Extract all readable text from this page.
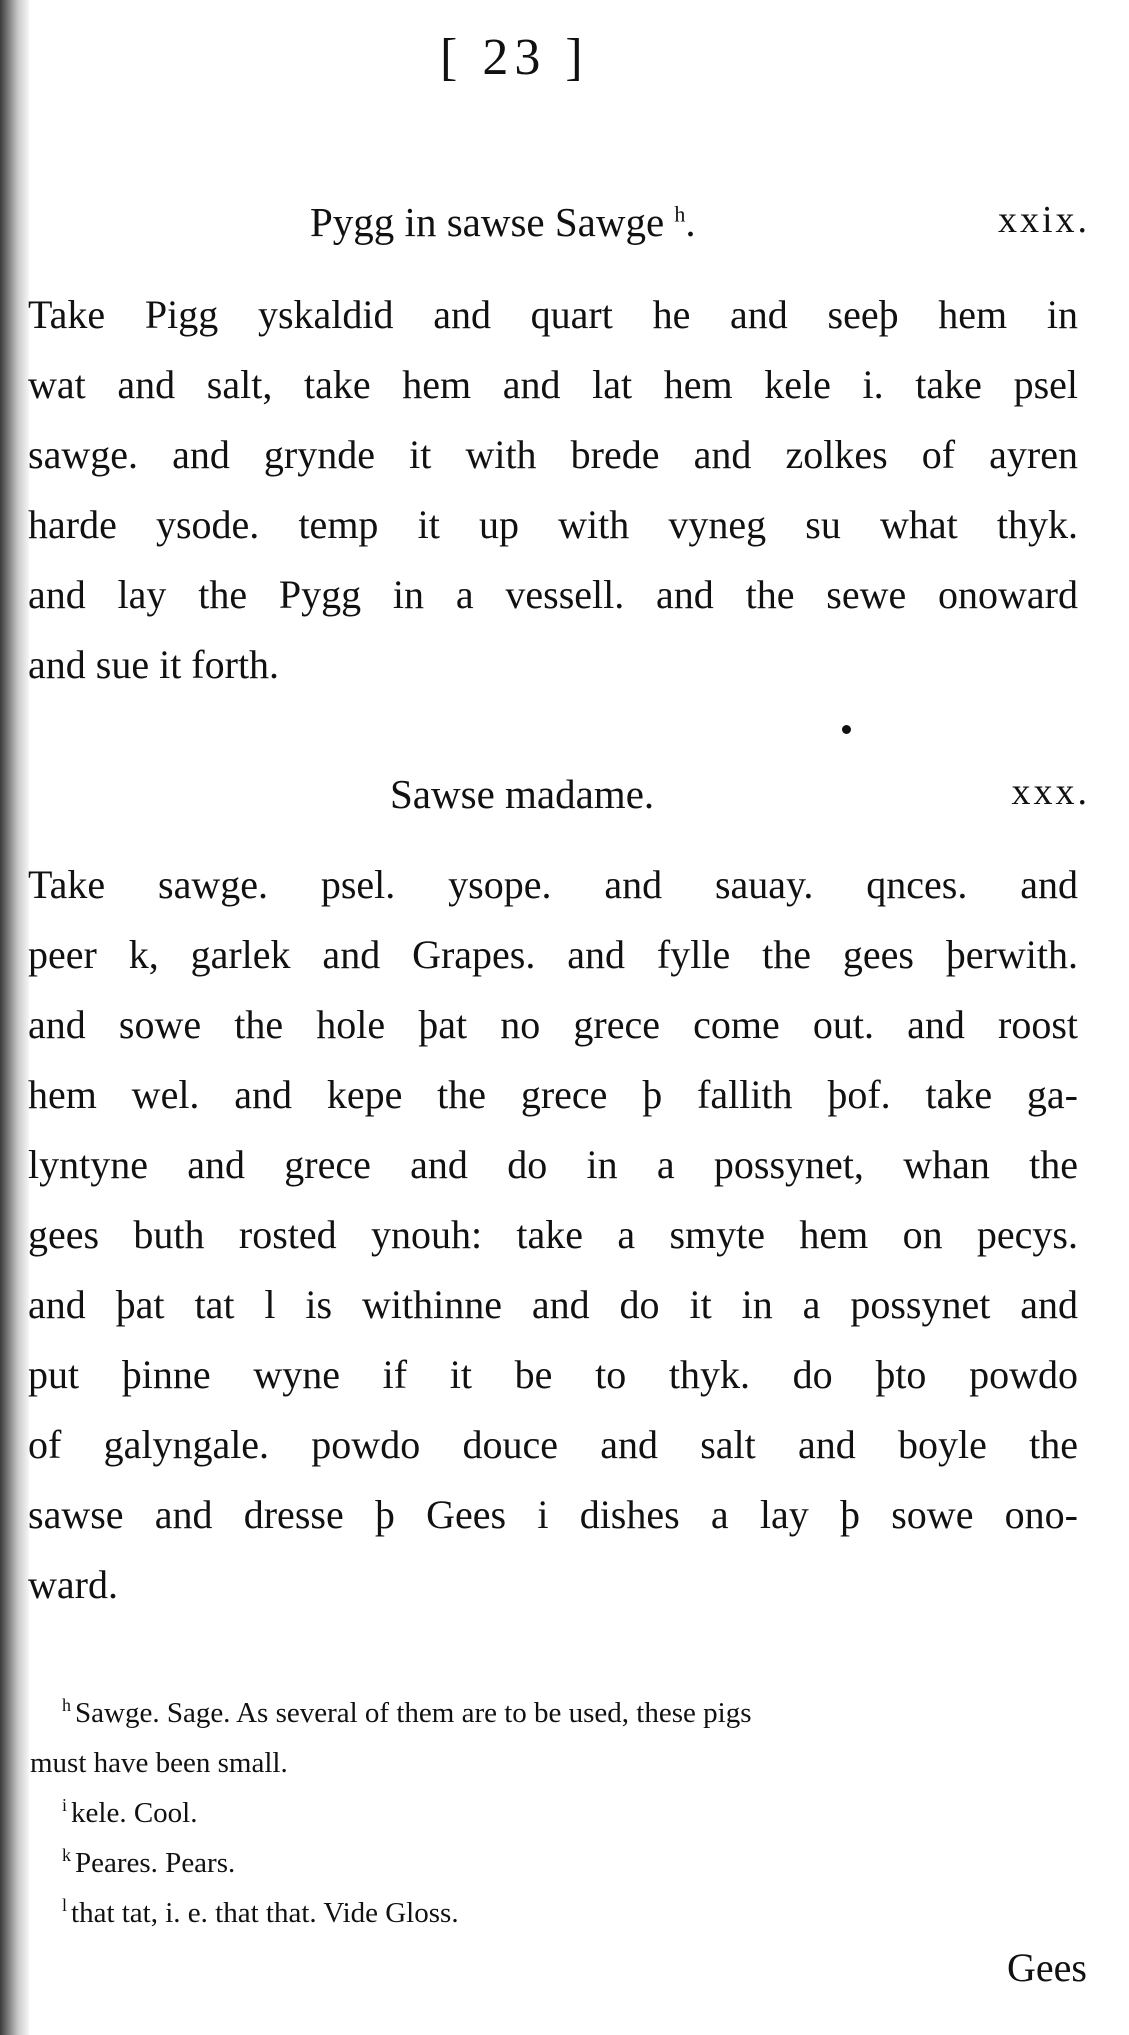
[ 23 ]
Pygg in sawse Sawge $^h$.	xxix.
Take Pigg yskaldid and quart he and seeþ hem in
wat and salt, take hem and lat hem kele i. take psel
sawge. and grynde it with brede and zolkes of ayren
harde ysode. temp it up with vyneg su what thyk.
and lay the Pygg in a vessell. and the sewe onoward
and sue it forth.
Sawse madame.	xxx.
Take sawge. psel. ysope. and sauay. qnces. and
peer k, garlek and Grapes. and fylle the gees þerwith.
and sowe the hole þat no grece come out. and roost
hem wel. and kepe the grece þ fallith þof. take ga-
lyntyne and grece and do in a possynet, whan the
gees buth rosted ynouh: take a smyte hem on pecys.
and þat tat l is withinne and do it in a possynet and
put þinne wyne if it be to thyk. do þto powdo
of galyngale. powdo douce and salt and boyle the
sawse and dresse þ Gees i dishes a lay þ sowe ono-
ward.
$^h$ Sawge. Sage. As several of them are to be used, these pigs
must have been small.
$^i$ kele. Cool.
$^k$ Peares. Pears.
$^l$ that tat, i. e. that that. Vide Gloss.
Gees
